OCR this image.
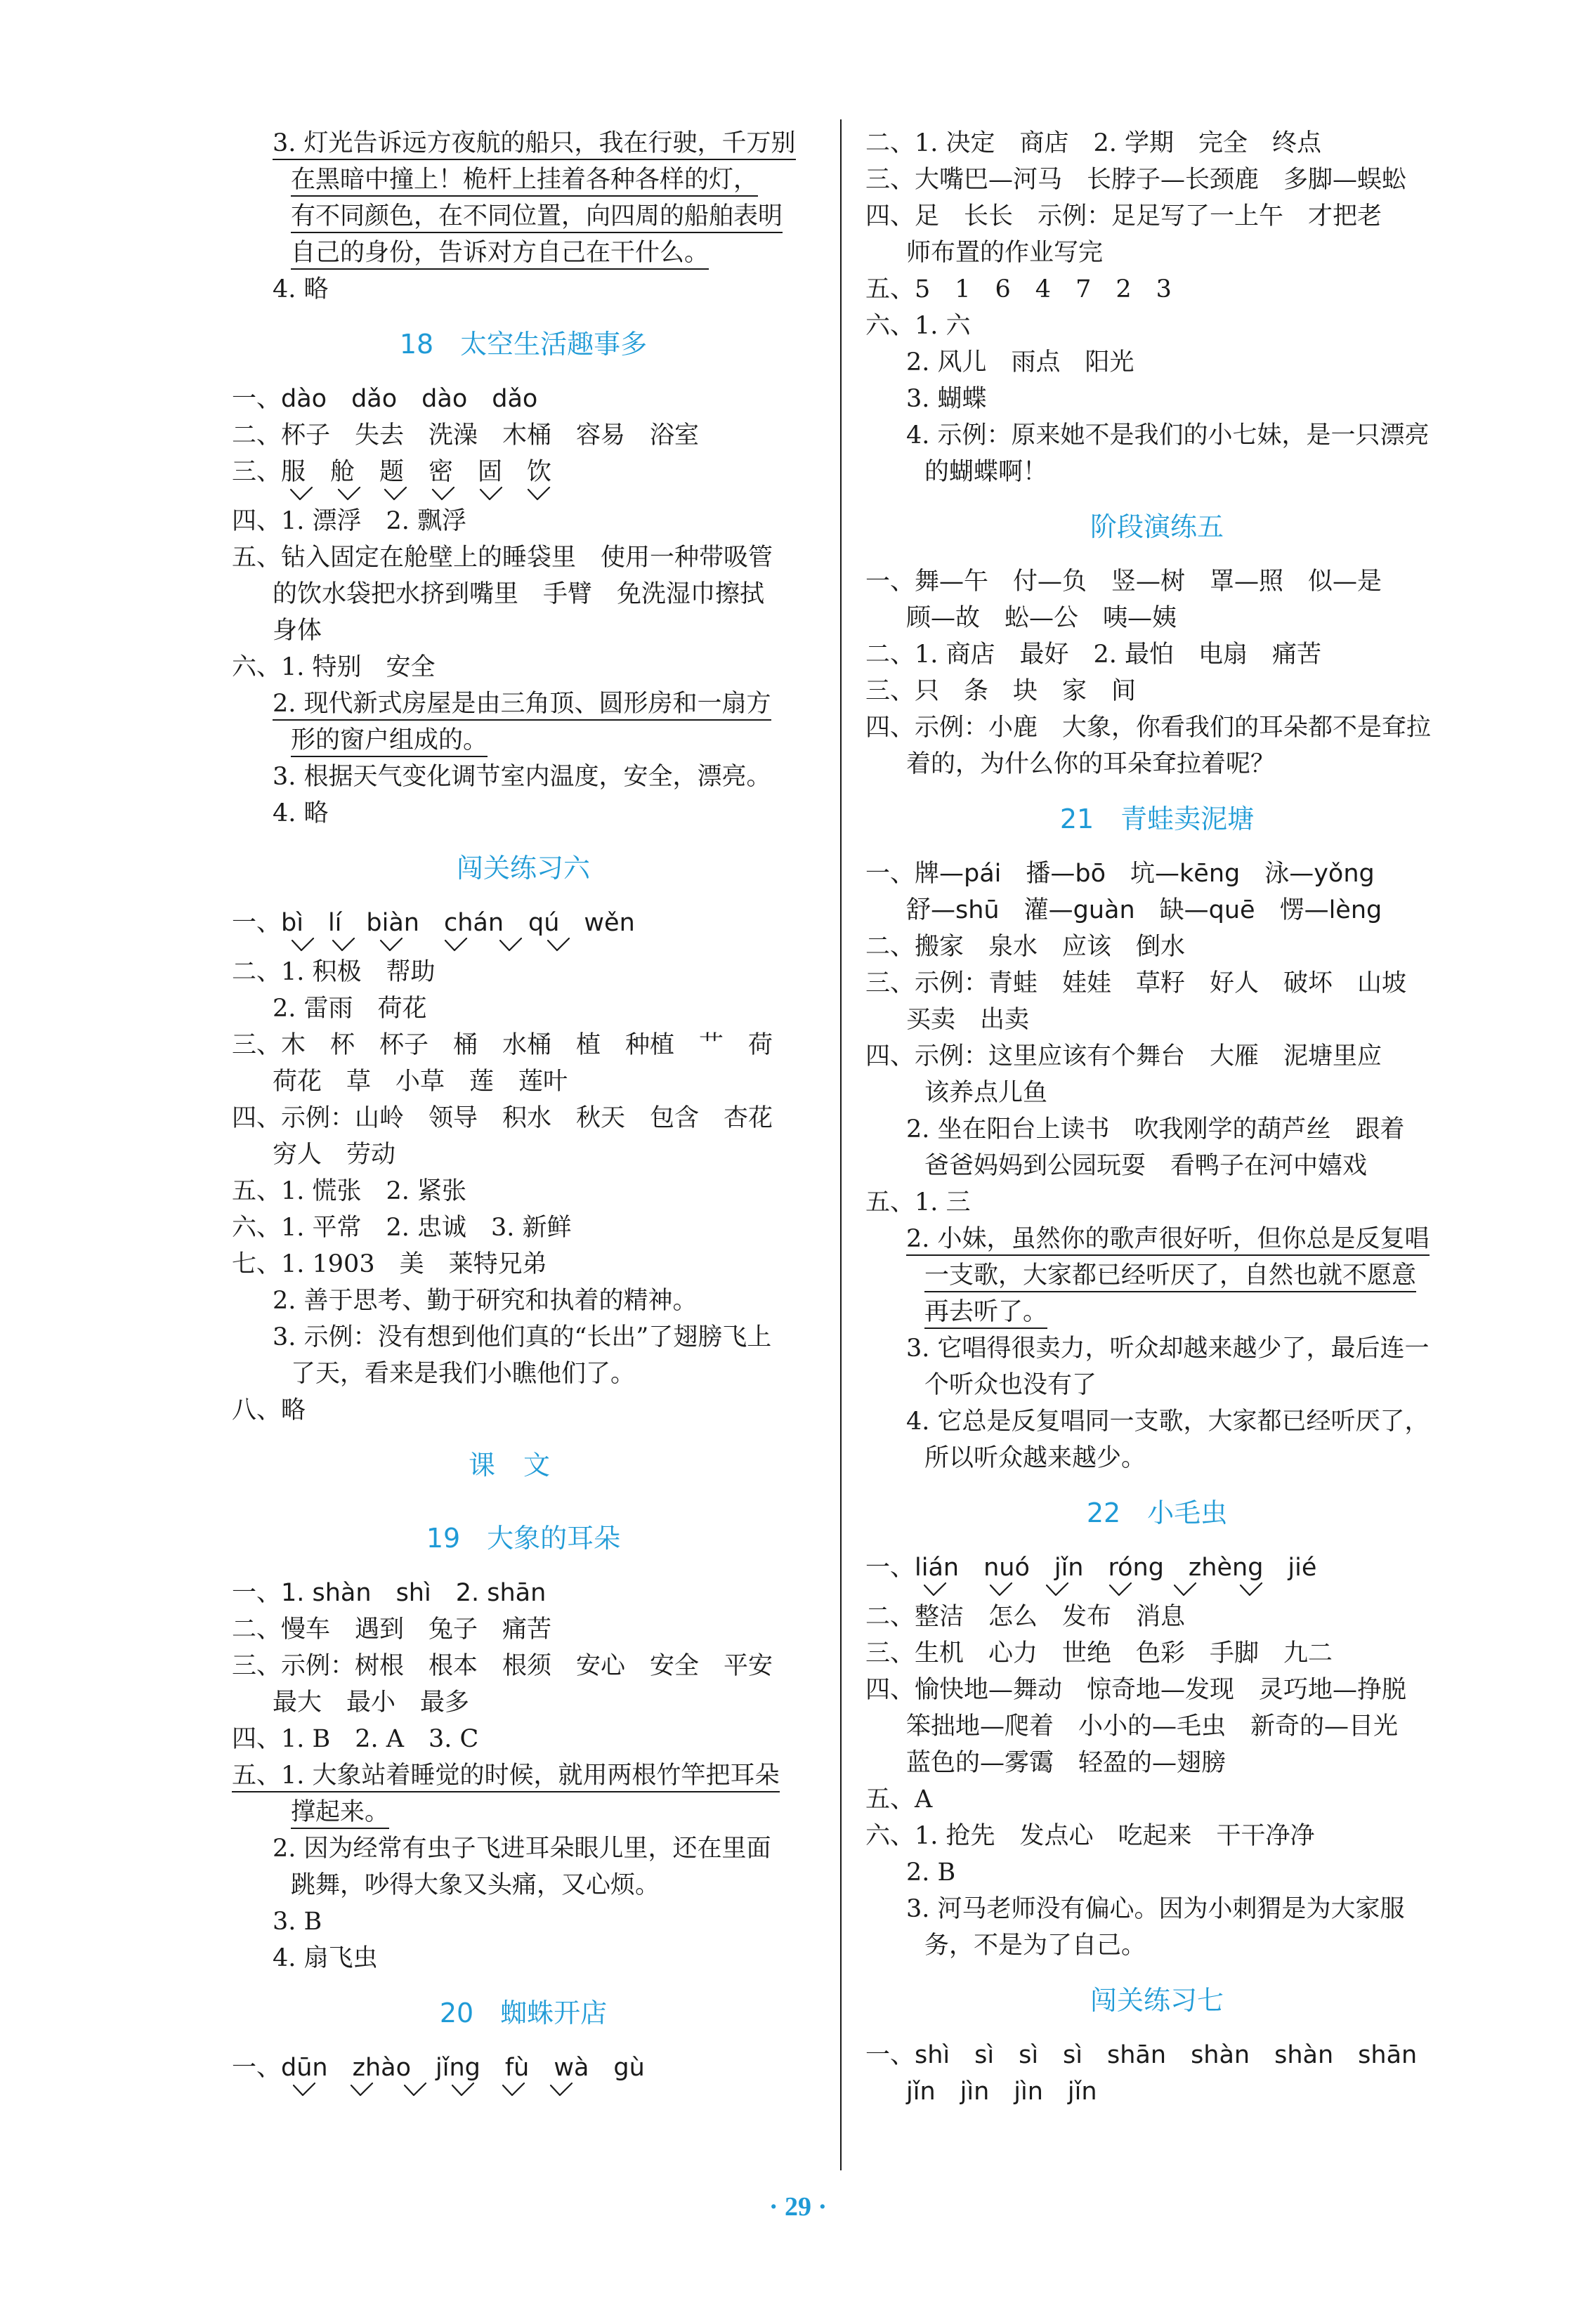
3. 灯光告诉远方夜航的船只，我在行驶，千万别
在黑暗中撞上！桅杆上挂着各种各样的灯，
有不同颜色，在不同位置，向四周的船舶表明
自己的身份，告诉对方自己在干什么。
4. 略
18　太空生活趣事多
一、dào　dǎo　dào　dǎo
二、杯子　失去　洗澡　木桶　容易　浴室
三、服　舱　题　密　固　饮
四、1. 漂浮　2. 飘浮
五、钻入固定在舱壁上的睡袋里　使用一种带吸管
的饮水袋把水挤到嘴里　手臂　免洗湿巾擦拭
身体
六、1. 特别　安全
2. 现代新式房屋是由三角顶、圆形房和一扇方
形的窗户组成的。
3. 根据天气变化调节室内温度，安全，漂亮。
4. 略
闯关练习六
一、bì　lí　biàn　chán　qú　wěn
二、1. 积极　帮助
2. 雷雨　荷花
三、木　杯　杯子　桶　水桶　植　种植　艹　荷
荷花　草　小草　莲　莲叶
四、示例：山岭　领导　积水　秋天　包含　杏花
穷人　劳动
五、1. 慌张　2. 紧张
六、1. 平常　2. 忠诚　3. 新鲜
七、1. 1903　美　莱特兄弟
2. 善于思考、勤于研究和执着的精神。
3. 示例：没有想到他们真的“长出”了翅膀飞上
了天，看来是我们小瞧他们了。
八、略
课文
19　大象的耳朵
一、1. shàn　shì　2. shān
二、慢车　遇到　兔子　痛苦
三、示例：树根　根本　根须　安心　安全　平安
最大　最小　最多
四、1. B　2. A　3. C
五、1. 大象站着睡觉的时候，就用两根竹竿把耳朵
撑起来。
2. 因为经常有虫子飞进耳朵眼儿里，还在里面
跳舞，吵得大象又头痛，又心烦。
3. B
4. 扇飞虫
20　蜘蛛开店
一、dūn　zhào　jǐng　fù　wà　gù
二、1. 决定　商店　2. 学期　完全　终点
三、大嘴巴—河马　长脖子—长颈鹿　多脚—蜈蚣
四、足　长长　示例：足足写了一上午　才把老
师布置的作业写完
五、5　1　6　4　7　2　3
六、1. 六
2. 风儿　雨点　阳光
3. 蝴蝶
4. 示例：原来她不是我们的小七妹，是一只漂亮
的蝴蝶啊！
阶段演练五
一、舞—午　付—负　竖—树　罩—照　似—是
顾—故　蚣—公　咦—姨
二、1. 商店　最好　2. 最怕　电扇　痛苦
三、只　条　块　家　间
四、示例：小鹿　大象，你看我们的耳朵都不是耷拉
着的，为什么你的耳朵耷拉着呢？
21　青蛙卖泥塘
一、牌—pái　播—bō　坑—kēng　泳—yǒng
舒—shū　灌—guàn　缺—quē　愣—lèng
二、搬家　泉水　应该　倒水
三、示例：青蛙　娃娃　草籽　好人　破坏　山坡
买卖　出卖
四、示例：这里应该有个舞台　大雁　泥塘里应
该养点儿鱼
2. 坐在阳台上读书　吹我刚学的葫芦丝　跟着
爸爸妈妈到公园玩耍　看鸭子在河中嬉戏
五、1. 三
2. 小妹，虽然你的歌声很好听，但你总是反复唱
一支歌，大家都已经听厌了，自然也就不愿意
再去听了。
3. 它唱得很卖力，听众却越来越少了，最后连一
个听众也没有了
4. 它总是反复唱同一支歌，大家都已经听厌了，
所以听众越来越少。
22　小毛虫
一、lián　nuó　jǐn　róng　zhèng　jié
二、整洁　怎么　发布　消息
三、生机　心力　世绝　色彩　手脚　九二
四、愉快地—舞动　惊奇地—发现　灵巧地—挣脱
笨拙地—爬着　小小的—毛虫　新奇的—目光
蓝色的—雾霭　轻盈的—翅膀
五、A
六、1. 抢先　发点心　吃起来　干干净净
2. B
3. 河马老师没有偏心。因为小刺猬是为大家服
务，不是为了自己。
闯关练习七
一、shì　sì　sì　sì　shān　shàn　shàn　shān
jǐn　jìn　jìn　jǐn
· 29 ·
